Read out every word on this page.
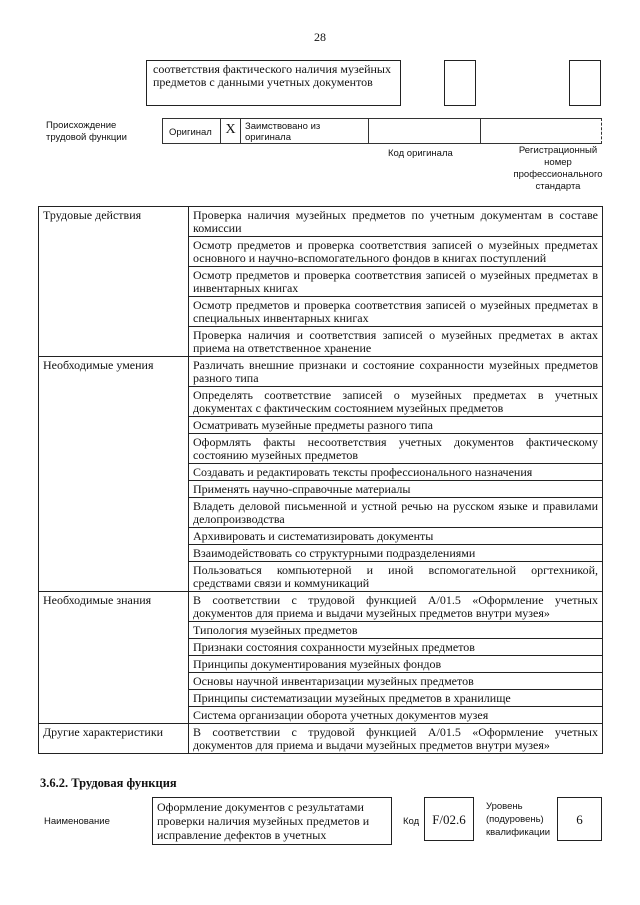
28
соответствия фактического наличия музейных предметов с данными учетных документов
Происхождение трудовой функции	Оригинал X Заимствовано из оригинала
Код оригинала	Регистрационный номер профессионального стандарта
Трудовые действия	Проверка наличия музейных предметов по учетным документам в составе комиссии
	Осмотр предметов и проверка соответствия записей о музейных предметах основного и научно-вспомогательного фондов в книгах поступлений
	Осмотр предметов и проверка соответствия записей о музейных предметах в инвентарных книгах
	Осмотр предметов и проверка соответствия записей о музейных предметах в специальных инвентарных книгах
	Проверка наличия и соответствия записей о музейных предметах в актах приема на ответственное хранение
Необходимые умения	Различать внешние признаки и состояние сохранности музейных предметов разного типа
	Определять соответствие записей о музейных предметах в учетных документах с фактическим состоянием музейных предметов
	Осматривать музейные предметы разного типа
	Оформлять факты несоответствия учетных документов фактическому состоянию музейных предметов
	Создавать и редактировать тексты профессионального назначения
	Применять научно-справочные материалы
	Владеть деловой письменной и устной речью на русском языке и правилами делопроизводства
	Архивировать и систематизировать документы
	Взаимодействовать со структурными подразделениями
	Пользоваться компьютерной и иной вспомогательной оргтехникой, средствами связи и коммуникаций
Необходимые знания	В соответствии с трудовой функцией А/01.5 «Оформление учетных документов для приема и выдачи музейных предметов внутри музея»
	Типология музейных предметов
	Признаки состояния сохранности музейных предметов
	Принципы документирования музейных фондов
	Основы научной инвентаризации музейных предметов
	Принципы систематизации музейных предметов в хранилище
	Система организации оборота учетных документов музея
Другие характеристики	В соответствии с трудовой функцией А/01.5 «Оформление учетных документов для приема и выдачи музейных предметов внутри музея»
3.6.2. Трудовая функция
Наименование
Оформление документов с результатами проверки наличия музейных предметов и исправление дефектов в учетных
Код	F/02.6
Уровень (подуровень) квалификации
6
